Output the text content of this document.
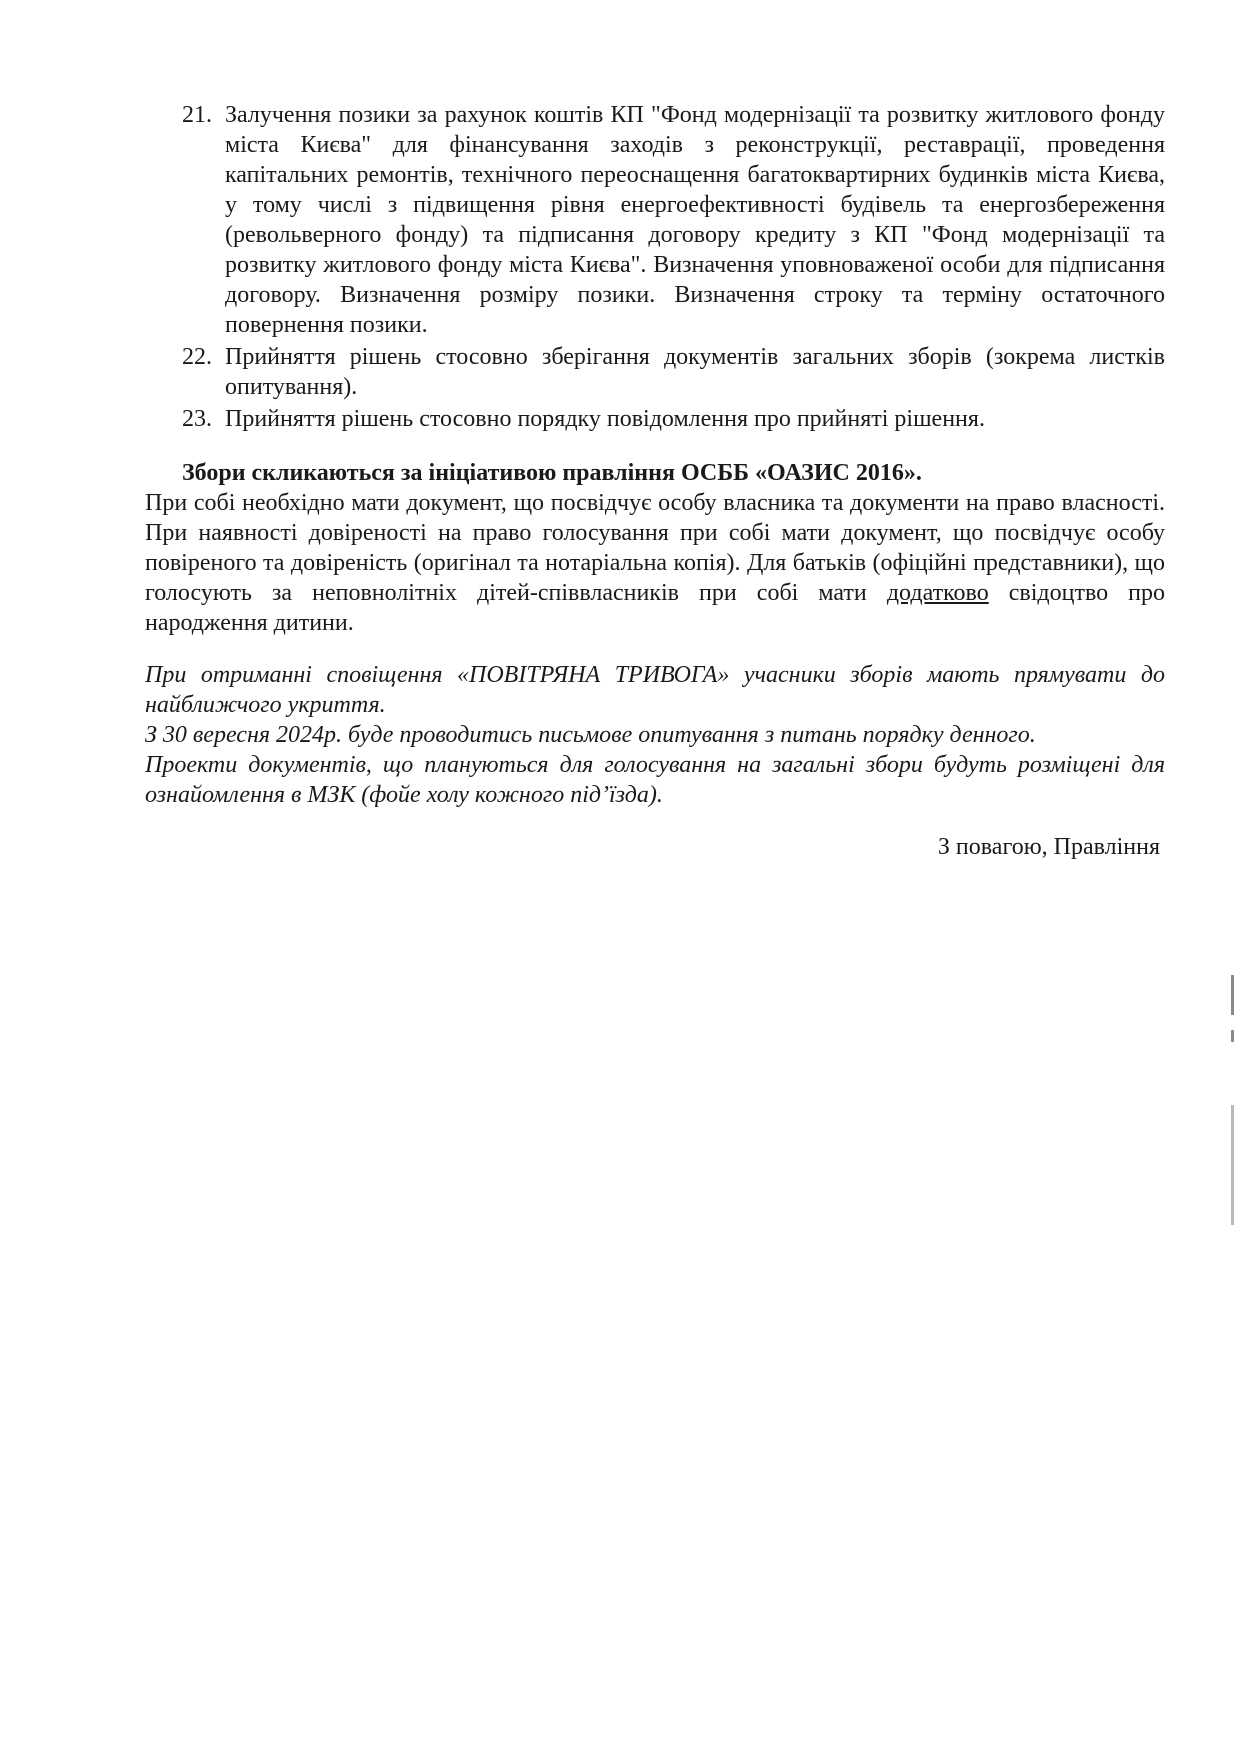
21. Залучення позики за рахунок коштів КП "Фонд модернізації та розвитку житлового фонду міста Києва" для фінансування заходів з реконструкції, реставрації, проведення капітальних ремонтів, технічного переоснащення багатоквартирних будинків міста Києва, у тому числі з підвищення рівня енергоефективності будівель та енергозбереження (револьверного фонду) та підписання договору кредиту з КП "Фонд модернізації та розвитку житлового фонду міста Києва". Визначення уповноваженої особи для підписання договору. Визначення розміру позики. Визначення строку та терміну остаточного повернення позики.
22. Прийняття рішень стосовно зберігання документів загальних зборів (зокрема листків опитування).
23. Прийняття рішень стосовно порядку повідомлення про прийняті рішення.
Збори скликаються за ініціативою правління ОСББ «ОАЗИС 2016».

При собі необхідно мати документ, що посвідчує особу власника та документи на право власності. При наявності довіреності на право голосування при собі мати документ, що посвідчує особу повіреного та довіреність (оригінал та нотаріальна копія). Для батьків (офіційні представники), що голосують за неповнолітніх дітей-співвласників при собі мати додатково свідоцтво про народження дитини.

При отриманні сповіщення «ПОВІТРЯНА ТРИВОГА» учасники зборів мають прямувати до найближчого укриття.

З 30 вересня 2024р. буде проводитись письмове опитування з питань порядку денного.

Проекти документів, що плануються для голосування на загальні збори будуть розміщені для ознайомлення в МЗК (фойе холу кожного під’їзда).

З повагою, Правління
